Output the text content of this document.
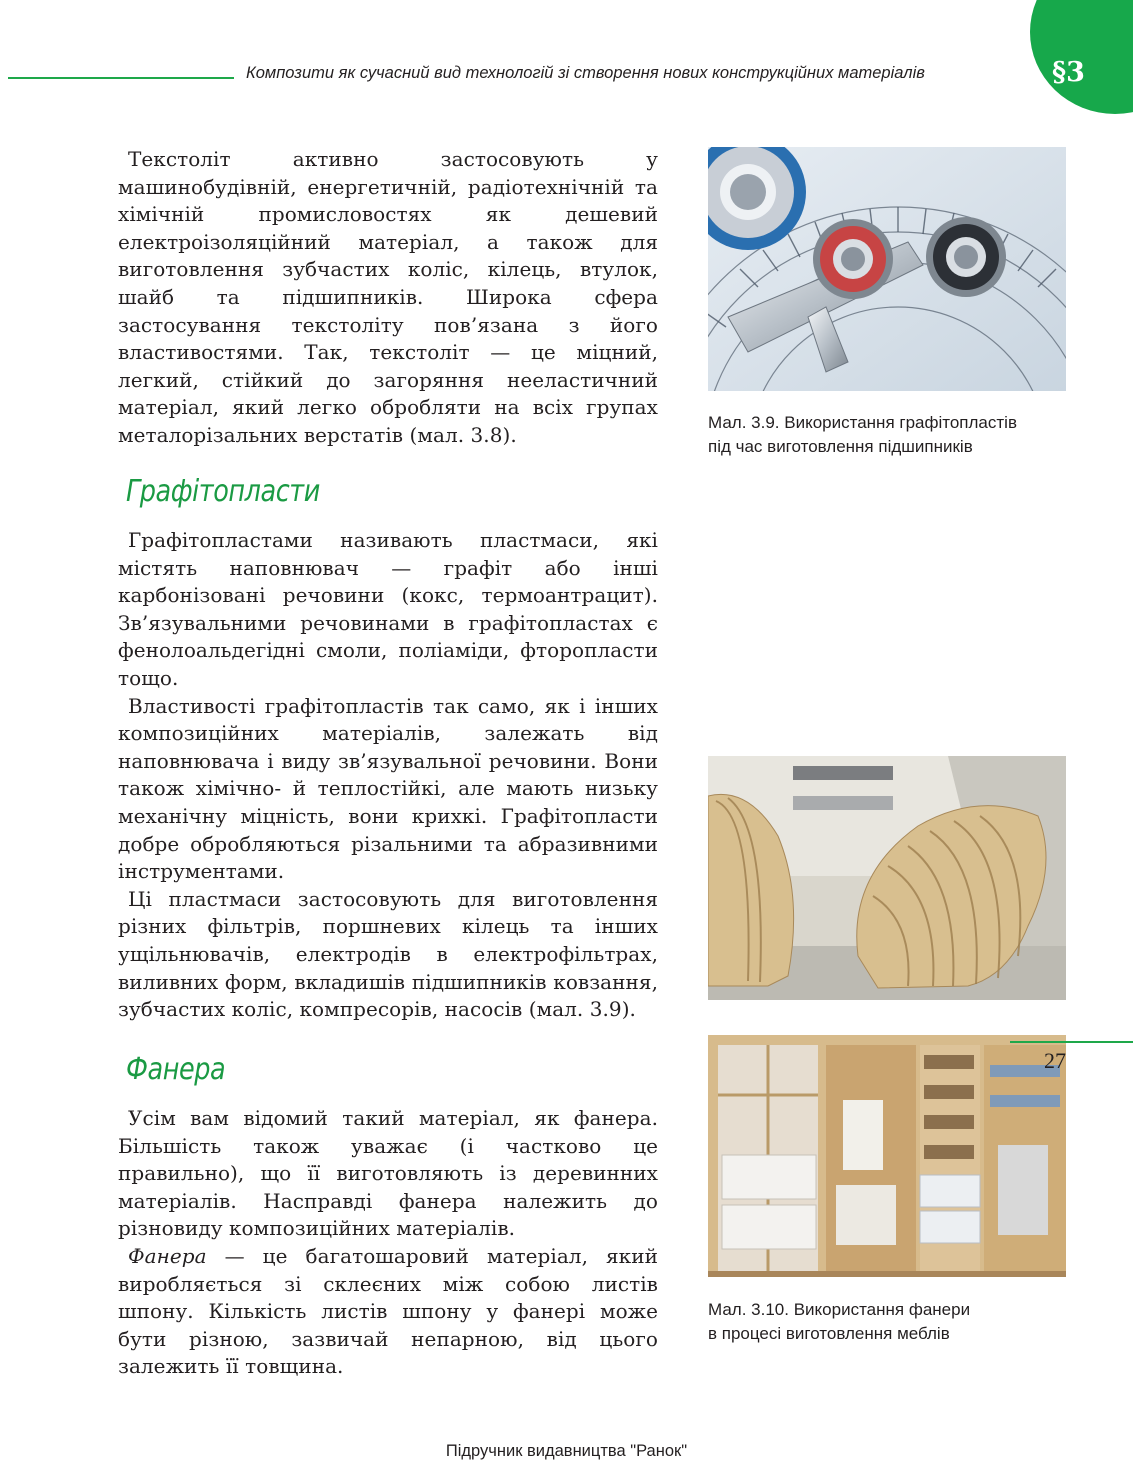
Композити як сучасний вид технологій зі створення нових конструкційних матеріалів	§3

Текстоліт активно застосовують у машинобудівній, енергетичній, радіотехнічній та хімічній промисловостях як дешевий електроізоляційний матеріал, а також для виготовлення зубчастих коліс, кілець, втулок, шайб та підшипників. Широка сфера застосування текстоліту пов’язана з його властивостями. Так, текстоліт — це міцний, легкий, стійкий до загоряння нееластичний матеріал, який легко обробляти на всіх групах металорізальних верстатів (мал. 3.8).

Графітопласти

Графітопластами називають пластмаси, які містять наповнювач — графіт або інші карбонізовані речовини (кокс, термоантрацит). Зв’язувальними речовинами в графітопластах є фенолоальдегідні смоли, поліаміди, фторопласти тощо.

Властивості графітопластів так само, як і інших композиційних матеріалів, залежать від наповнювача і виду зв’язувальної речовини. Вони також хімічно- й теплостійкі, але мають низьку механічну міцність, вони крихкі. Графітопласти добре обробляються різальними та абразивними інструментами.

Ці пластмаси застосовують для виготовлення різних фільтрів, поршневих кілець та інших ущільнювачів, електродів в електрофільтрах, виливних форм, вкладишів підшипників ковзання, зубчастих коліс, компресорів, насосів (мал. 3.9).

Фанера

Усім вам відомий такий матеріал, як фанера. Більшість також уважає (і частково це правильно), що її виготовляють із деревинних матеріалів. Насправді фанера належить до різновиду композиційних матеріалів.

Фанера — це багатошаровий матеріал, який виробляється зі склеєних між собою листів шпону. Кількість листів шпону у фанері може бути різною, зазвичай непарною, від цього залежить її товщина.

Мал. 3.9. Використання графітопластів
під час виготовлення підшипників
Мал. 3.10. Використання фанери
в процесі виготовлення меблів
27
Підручник видавництва "Ранок"
